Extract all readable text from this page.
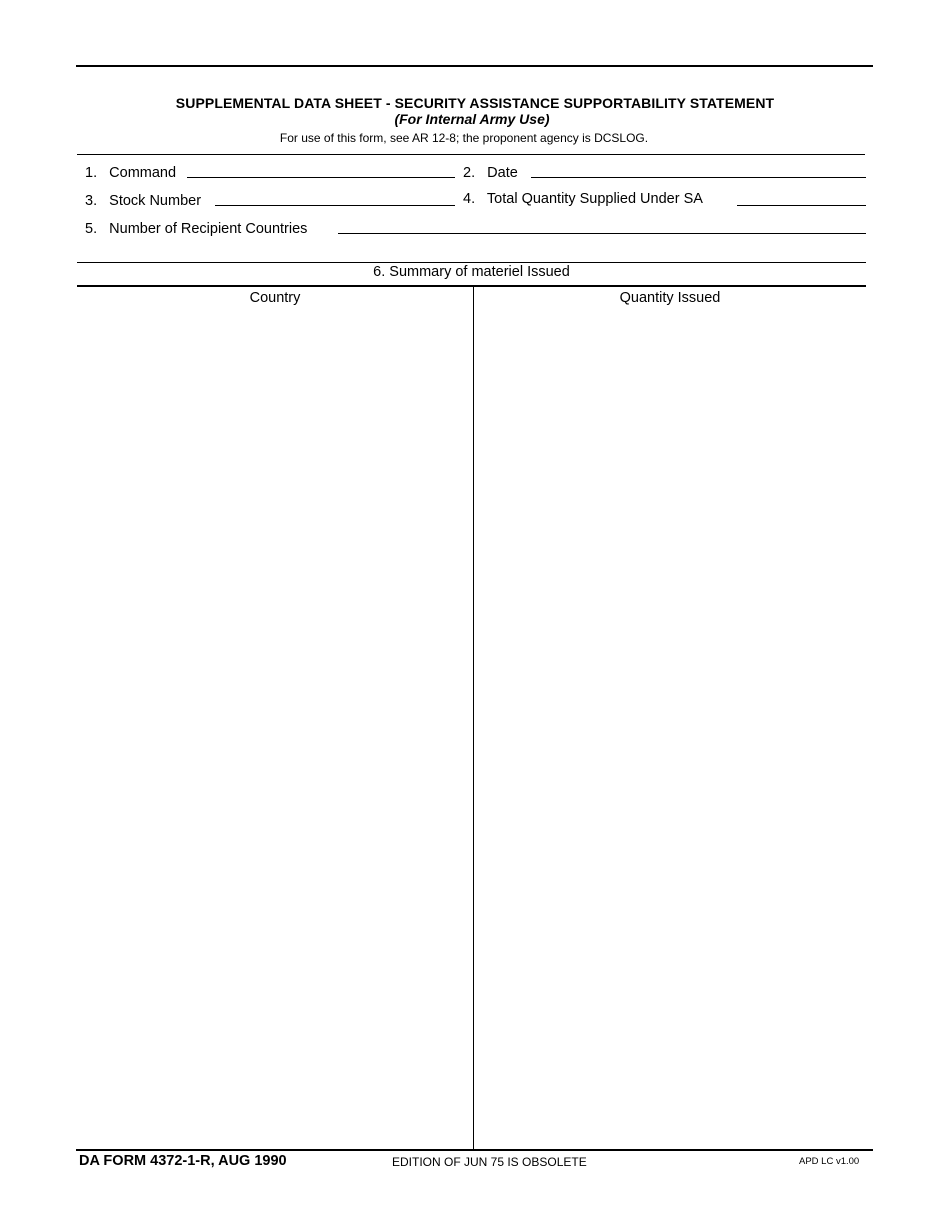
SUPPLEMENTAL DATA SHEET - SECURITY ASSISTANCE SUPPORTABILITY STATEMENT
(For Internal Army Use)
For use of this form, see AR 12-8; the proponent agency is DCSLOG.
1. Command	2. Date
3. Stock Number	4. Total Quantity Supplied Under SA
5. Number of Recipient Countries
6. Summary of materiel Issued
Country	Quantity Issued
DA FORM 4372-1-R, AUG 1990	EDITION OF JUN 75 IS OBSOLETE	APD LC v1.00
